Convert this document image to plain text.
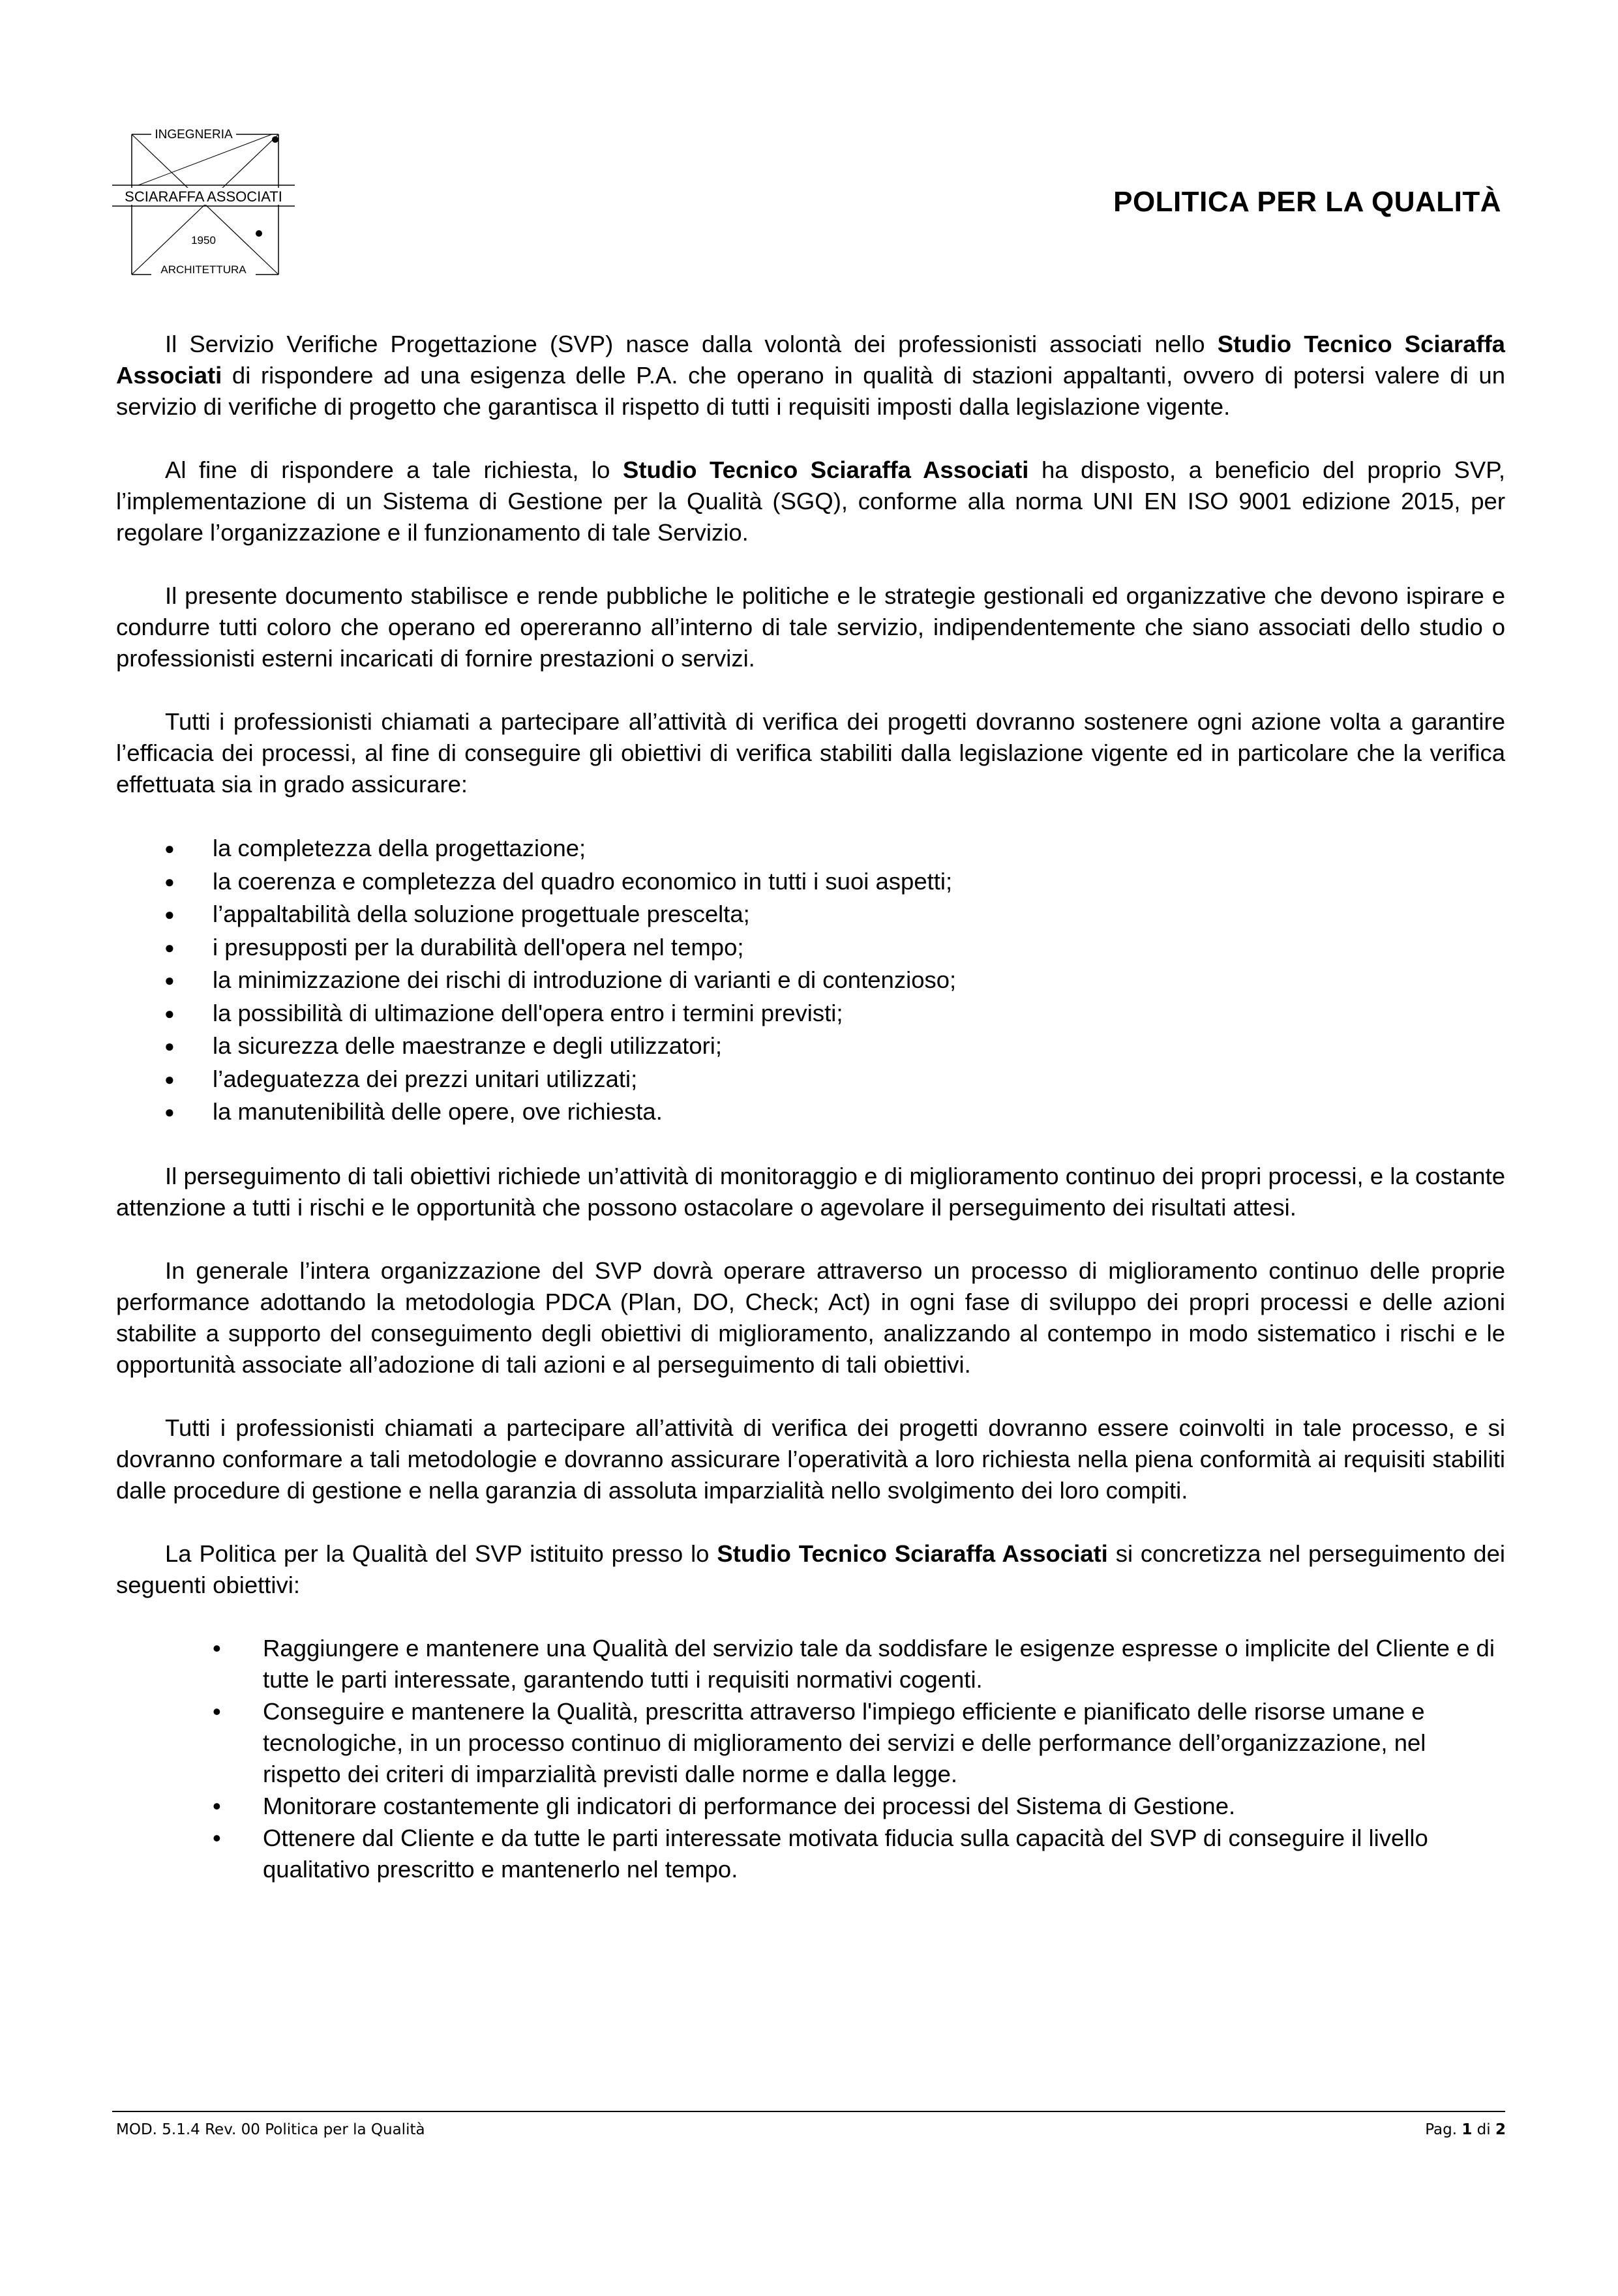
INGEGNERIA
SCIARAFFA ASSOCIATI
1950
ARCHITETTURA
POLITICA PER LA QUALITÀ

Il Servizio Verifiche Progettazione (SVP) nasce dalla volontà dei professionisti associati nello Studio Tecnico Sciaraffa Associati di rispondere ad una esigenza delle P.A. che operano in qualità di stazioni appaltanti, ovvero di potersi valere di un servizio di verifiche di progetto che garantisca il rispetto di tutti i requisiti imposti dalla legislazione vigente.

Al fine di rispondere a tale richiesta, lo Studio Tecnico Sciaraffa Associati ha disposto, a beneficio del proprio SVP, l’implementazione di un Sistema di Gestione per la Qualità (SGQ), conforme alla norma UNI EN ISO 9001 edizione 2015, per regolare l’organizzazione e il funzionamento di tale Servizio.

Il presente documento stabilisce e rende pubbliche le politiche e le strategie gestionali ed organizzative che devono ispirare e condurre tutti coloro che operano ed opereranno all’interno di tale servizio, indipendentemente che siano associati dello studio o professionisti esterni incaricati di fornire prestazioni o servizi.

Tutti i professionisti chiamati a partecipare all’attività di verifica dei progetti dovranno sostenere ogni azione volta a garantire l’efficacia dei processi, al fine di conseguire gli obiettivi di verifica stabiliti dalla legislazione vigente ed in particolare che la verifica effettuata sia in grado assicurare:

● la completezza della progettazione;
● la coerenza e completezza del quadro economico in tutti i suoi aspetti;
● l’appaltabilità della soluzione progettuale prescelta;
● i presupposti per la durabilità dell'opera nel tempo;
● la minimizzazione dei rischi di introduzione di varianti e di contenzioso;
● la possibilità di ultimazione dell'opera entro i termini previsti;
● la sicurezza delle maestranze e degli utilizzatori;
● l’adeguatezza dei prezzi unitari utilizzati;
● la manutenibilità delle opere, ove richiesta.

Il perseguimento di tali obiettivi richiede un’attività di monitoraggio e di miglioramento continuo dei propri processi, e la costante attenzione a tutti i rischi e le opportunità che possono ostacolare o agevolare il perseguimento dei risultati attesi.

In generale l’intera organizzazione del SVP dovrà operare attraverso un processo di miglioramento continuo delle proprie performance adottando la metodologia PDCA (Plan, DO, Check; Act) in ogni fase di sviluppo dei propri processi e delle azioni stabilite a supporto del conseguimento degli obiettivi di miglioramento, analizzando al contempo in modo sistematico i rischi e le opportunità associate all’adozione di tali azioni e al perseguimento di tali obiettivi.

Tutti i professionisti chiamati a partecipare all’attività di verifica dei progetti dovranno essere coinvolti in tale processo, e si dovranno conformare a tali metodologie e dovranno assicurare l’operatività a loro richiesta nella piena conformità ai requisiti stabiliti dalle procedure di gestione e nella garanzia di assoluta imparzialità nello svolgimento dei loro compiti.

La Politica per la Qualità del SVP istituito presso lo Studio Tecnico Sciaraffa Associati si concretizza nel perseguimento dei seguenti obiettivi:

• Raggiungere e mantenere una Qualità del servizio tale da soddisfare le esigenze espresse o implicite del Cliente e di tutte le parti interessate, garantendo tutti i requisiti normativi cogenti.
• Conseguire e mantenere la Qualità, prescritta attraverso l'impiego efficiente e pianificato delle risorse umane e tecnologiche, in un processo continuo di miglioramento dei servizi e delle performance dell’organizzazione, nel rispetto dei criteri di imparzialità previsti dalle norme e dalla legge.
• Monitorare costantemente gli indicatori di performance dei processi del Sistema di Gestione.
• Ottenere dal Cliente e da tutte le parti interessate motivata fiducia sulla capacità del SVP di conseguire il livello qualitativo prescritto e mantenerlo nel tempo.
MOD. 5.1.4 Rev. 00 Politica per la Qualità	Pag. 1 di 2
